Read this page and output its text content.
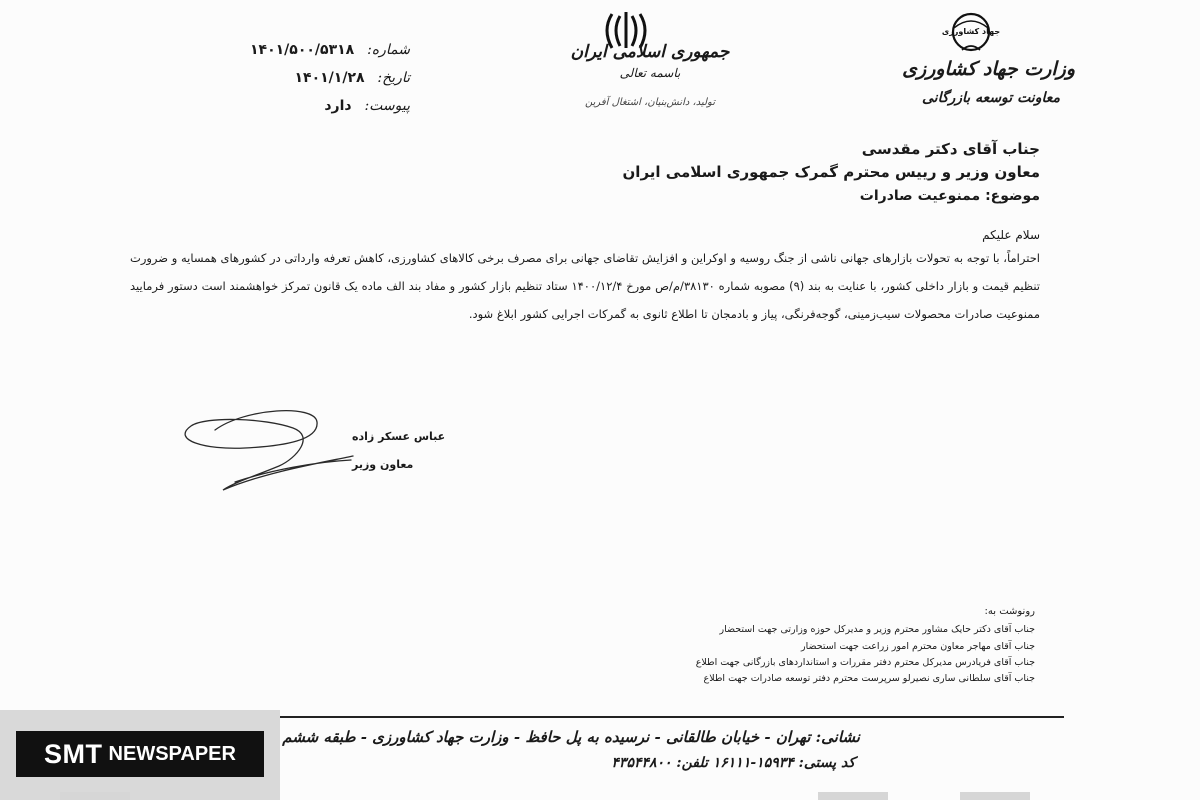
جهاد کشاورزی
وزارت جهاد کشاورزی
معاونت توسعه بازرگانی
جمهوری اسلامی ایران
باسمه تعالی
تولید، دانش‌بنیان، اشتغال آفرین
شماره: ۱۴۰۱/۵۰۰/۵۳۱۸
تاریخ: ۱۴۰۱/۱/۲۸
پیوست: دارد
جناب آقای دکتر مقدسی
معاون وزیر و رییس محترم گمرک جمهوری اسلامی ایران
موضوع: ممنوعیت صادرات
سلام علیکم
احتراماً، با توجه به تحولات بازارهای جهانی ناشی از جنگ روسیه و اوکراین و افزایش تقاضای جهانی برای مصرف برخی کالاهای کشاورزی، کاهش تعرفه وارداتی در کشورهای همسایه و ضرورت تنظیم قیمت و بازار داخلی کشور، با عنایت به بند (۹) مصوبه شماره ۳۸۱۳۰/م/ص مورخ ۱۴۰۰/۱۲/۴ ستاد تنظیم بازار کشور و مفاد بند الف ماده یک قانون تمرکز خواهشمند است دستور فرمایید ممنوعیت صادرات محصولات سیب‌زمینی، گوجه‌فرنگی، پیاز و بادمجان تا اطلاع ثانوی به گمرکات اجرایی کشور ابلاغ شود.
عباس عسکر زاده
معاون وزیر
رونوشت به:
جناب آقای دکتر حایک مشاور محترم وزیر و مدیرکل حوزه وزارتی جهت استحضار
جناب آقای مهاجر معاون محترم امور زراعت جهت استحضار
جناب آقای فریادرس مدیرکل محترم دفتر مقررات و استانداردهای بازرگانی جهت اطلاع
جناب آقای سلطانی ساری نصیرلو سرپرست محترم دفتر توسعه صادرات جهت اطلاع
نشانی: تهران - خیابان طالقانی - نرسیده به پل حافظ - وزارت جهاد کشاورزی - طبقه ششم
کد پستی: ۱۵۹۳۴-۱۶۱۱۱ تلفن: ۴۳۵۴۴۸۰۰
SMT NEWSPAPER
